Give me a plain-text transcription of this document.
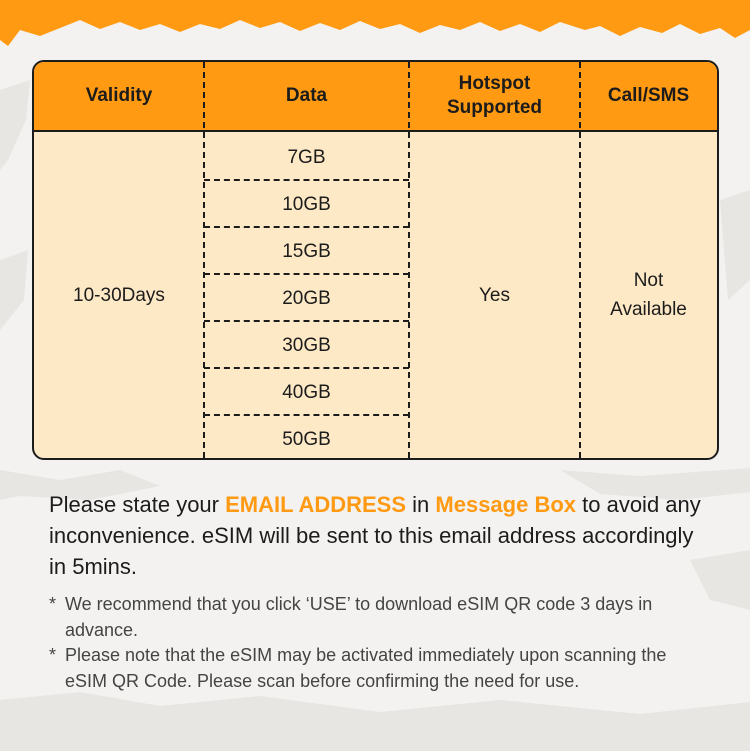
Validity	Data
Hotspot
Supported
Call/SMS
10-30Days
7GB
10GB
15GB
20GB
30GB
40GB
50GB
Yes
Not
Available
Please state your EMAIL ADDRESS in Message Box to avoid any inconvenience. eSIM will be sent to this email address accordingly in 5mins.
* We recommend that you click ‘USE’ to download eSIM QR code 3 days in advance.
* Please note that the eSIM may be activated immediately upon scanning the eSIM QR Code. Please scan before confirming the need for use.
